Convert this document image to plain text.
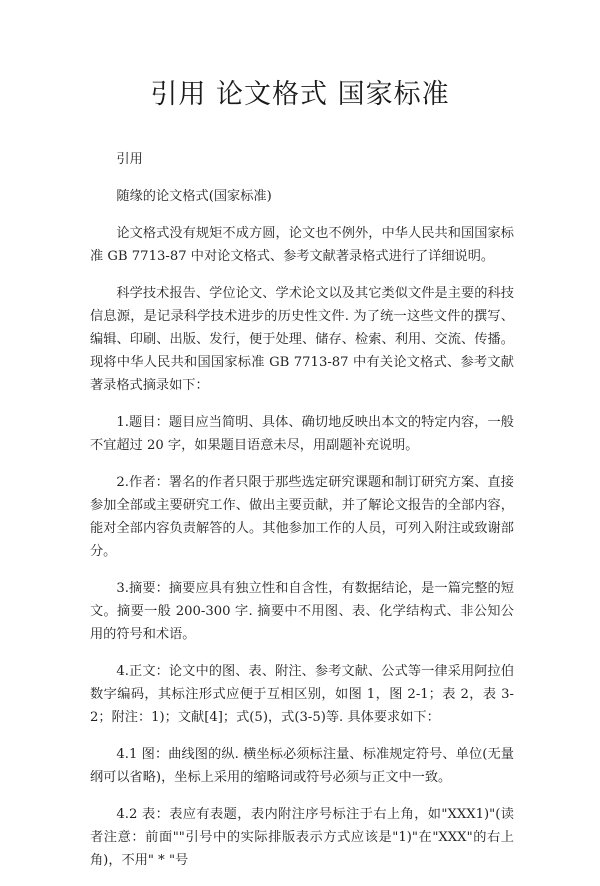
引用 论文格式 国家标准

引用

随缘的论文格式(国家标准)

论文格式没有规矩不成方圆，论文也不例外，中华人民共和国国家标准 GB 7713-87 中对论文格式、参考文献著录格式进行了详细说明。

科学技术报告、学位论文、学术论文以及其它类似文件是主要的科技信息源，是记录科学技术进步的历史性文件. 为了统一这些文件的撰写、编辑、印刷、出版、发行，便于处理、储存、检索、利用、交流、传播。现将中华人民共和国国家标准 GB 7713-87 中有关论文格式、参考文献著录格式摘录如下：

1.题目：题目应当简明、具体、确切地反映出本文的特定内容，一般不宜超过 20 字，如果题目语意未尽，用副题补充说明。

2.作者：署名的作者只限于那些选定研究课题和制订研究方案、直接参加全部或主要研究工作、做出主要贡献，并了解论文报告的全部内容，能对全部内容负责解答的人。其他参加工作的人员，可列入附注或致谢部分。

3.摘要：摘要应具有独立性和自含性，有数据结论，是一篇完整的短文。摘要一般 200-300 字. 摘要中不用图、表、化学结构式、非公知公用的符号和术语。

4.正文：论文中的图、表、附注、参考文献、公式等一律采用阿拉伯数字编码，其标注形式应便于互相区别，如图 1，图 2-1；表 2，表 3-2；附注：1)；文献[4]；式(5)，式(3-5)等. 具体要求如下：

4.1 图：曲线图的纵. 横坐标必须标注量、标准规定符号、单位(无量纲可以省略)，坐标上采用的缩略词或符号必须与正文中一致。

4.2 表：表应有表题，表内附注序号标注于右上角，如"XXX1)"(读者注意：前面""引号中的实际排版表示方式应该是"1)"在"XXX"的右上角)，不用" * "号
